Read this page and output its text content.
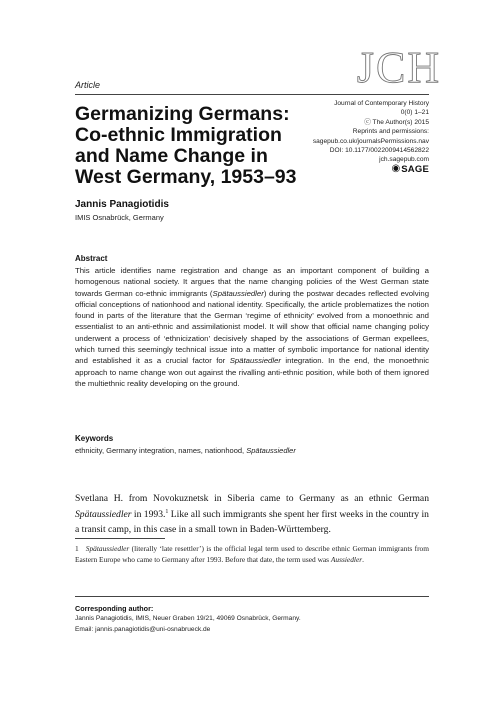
JCH
Article
Germanizing Germans:
Co-ethnic Immigration
and Name Change in
West Germany, 1953–93
Journal of Contemporary History
0(0) 1–21
ⓒ The Author(s) 2015
Reprints and permissions:
sagepub.co.uk/journalsPermissions.nav
DOI: 10.1177/0022009414562822
jch.sagepub.com
◉ SAGE
Jannis Panagiotidis
IMIS Osnabrück, Germany
Abstract

This article identifies name registration and change as an important component of building a homogenous national society. It argues that the name changing policies of the West German state towards German co-ethnic immigrants (Spätaussiedler) during the postwar decades reflected evolving official conceptions of nationhood and national identity. Specifically, the article problematizes the notion found in parts of the literature that the German ‘regime of ethnicity’ evolved from a monoethnic and essentialist to an anti-ethnic and assimilationist model. It will show that official name changing policy underwent a process of ‘ethnicization’ decisively shaped by the associations of German expellees, which turned this seemingly technical issue into a matter of symbolic importance for national identity and established it as a crucial factor for Spätaussiedler integration. In the end, the monoethnic approach to name change won out against the rivalling anti-ethnic position, while both of them ignored the multiethnic reality developing on the ground.

Keywords
ethnicity, Germany integration, names, nationhood, Spätaussiedler

Svetlana H. from Novokuznetsk in Siberia came to Germany as an ethnic German Spätaussiedler in 1993.$^1$ Like all such immigrants she spent her first weeks in the country in a transit camp, in this case in a small town in Baden-Württemberg.

1 Spätaussiedler (literally ‘late resettler’) is the official legal term used to describe ethnic German immigrants from Eastern Europe who came to Germany after 1993. Before that date, the term used was Aussiedler.

Corresponding author:
Jannis Panagiotidis, IMIS, Neuer Graben 19/21, 49069 Osnabrück, Germany.
Email: jannis.panagiotidis@uni-osnabrueck.de
